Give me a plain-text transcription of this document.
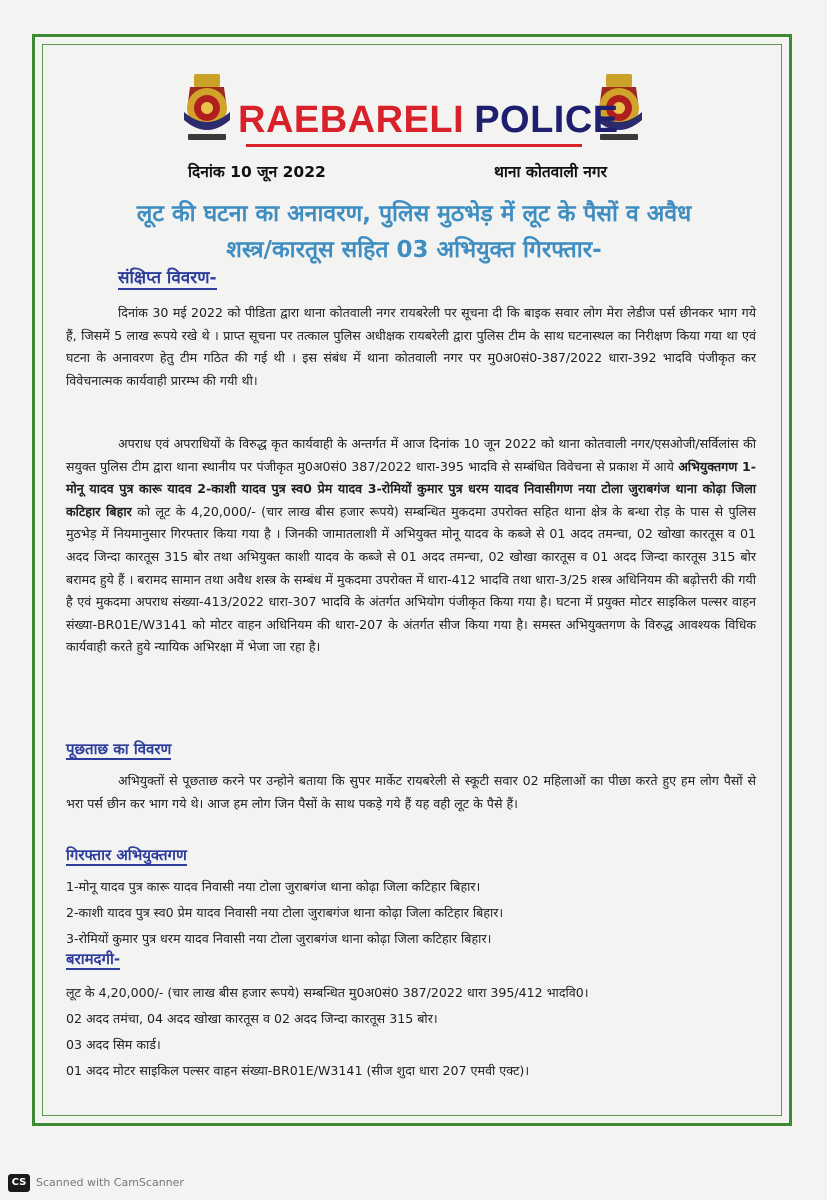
RAEBARELI POLICE
दिनांक 10 जून 2022	थाना कोतवाली नगर
लूट की घटना का अनावरण, पुलिस मुठभेड़ में लूट के पैसों व अवैध
शस्त्र/कारतूस सहित 03 अभियुक्त गिरफ्तार-
संक्षिप्त विवरण-
दिनांक 30 मई 2022 को पीडिता द्वारा थाना कोतवाली नगर रायबरेली पर सूचना दी कि बाइक सवार लोग मेरा लेडीज पर्स छीनकर भाग गये हैं, जिसमें 5 लाख रूपये रखे थे । प्राप्त सूचना पर तत्काल पुलिस अधीक्षक रायबरेली द्वारा पुलिस टीम के साथ घटनास्थल का निरीक्षण किया गया था एवं घटना के अनावरण हेतु टीम गठित की गई थी । इस संबंध में थाना कोतवाली नगर पर मु0अ0सं0-387/2022 धारा-392 भादवि पंजीकृत कर विवेचनात्मक कार्यवाही प्रारम्भ की गयी थी।
अपराध एवं अपराधियों के विरुद्ध कृत कार्यवाही के अन्तर्गत में आज दिनांक 10 जून 2022 को थाना कोतवाली नगर/एसओजी/सर्विलांस की सयुक्त पुलिस टीम द्वारा थाना स्थानीय पर पंजीकृत मु0अ0सं0 387/2022 धारा-395 भादवि से सम्बंधित विवेचना से प्रकाश में आये अभियुक्तगण 1-मोनू यादव पुत्र कारू यादव 2-काशी यादव पुत्र स्व0 प्रेम यादव 3-रोमियों कुमार पुत्र धरम यादव निवासीगण नया टोला जुराबगंज थाना कोढ़ा जिला कटिहार बिहार को लूट के 4,20,000/- (चार लाख बीस हजार रूपये) सम्बन्धित मुकदमा उपरोक्त सहित थाना क्षेत्र के बन्धा रोड़ के पास से पुलिस मुठभेड़ में नियमानुसार गिरफ्तार किया गया है । जिनकी जामातलाशी में अभियुक्त मोनू यादव के कब्जे से 01 अदद तमन्चा, 02 खोखा कारतूस व 01 अदद जिन्दा कारतूस 315 बोर तथा अभियुक्त काशी यादव के कब्जे से 01 अदद तमन्चा, 02 खोखा कारतूस व 01 अदद जिन्दा कारतूस 315 बोर बरामद हुये हैं । बरामद सामान तथा अवैध शस्त्र के सम्बंध में मुकदमा उपरोक्त में धारा-412 भादवि तथा धारा-3/25 शस्त्र अधिनियम की बढ़ोत्तरी की गयी है एवं मुकदमा अपराध संख्या-413/2022 धारा-307 भादवि के अंतर्गत अभियोग पंजीकृत किया गया है। घटना में प्रयुक्त मोटर साइकिल पल्सर वाहन संख्या-BR01E/W3141 को मोटर वाहन अधिनियम की धारा-207 के अंतर्गत सीज किया गया है। समस्त अभियुक्तगण के विरुद्ध आवश्यक विधिक कार्यवाही करते हुये न्यायिक अभिरक्षा में भेजा जा रहा है।
पूछताछ का विवरण
अभियुक्तों से पूछताछ करने पर उन्होने बताया कि सुपर मार्केट रायबरेली से स्कूटी सवार 02 महिलाओं का पीछा करते हुए हम लोग पैसों से भरा पर्स छीन कर भाग गये थे। आज हम लोग जिन पैसों के साथ पकड़े गये हैं यह वही लूट के पैसे हैं।
गिरफ्तार अभियुक्तगण
1-मोनू यादव पुत्र कारू यादव निवासी नया टोला जुराबगंज थाना कोढ़ा जिला कटिहार बिहार।
2-काशी यादव पुत्र स्व0 प्रेम यादव निवासी नया टोला जुराबगंज थाना कोढ़ा जिला कटिहार बिहार।
3-रोमियों कुमार पुत्र धरम यादव निवासी नया टोला जुराबगंज थाना कोढ़ा जिला कटिहार बिहार।
बरामदगी-
लूट के 4,20,000/- (चार लाख बीस हजार रूपये) सम्बन्धित मु0अ0सं0 387/2022 धारा 395/412 भादवि0।
02 अदद तमंचा, 04 अदद खोखा कारतूस व 02 अदद जिन्दा कारतूस 315 बोर।
03 अदद सिम कार्ड।
01 अदद मोटर साइकिल पल्सर वाहन संख्या-BR01E/W3141 (सीज शुदा धारा 207 एमवी एक्ट)।
CS Scanned with CamScanner
